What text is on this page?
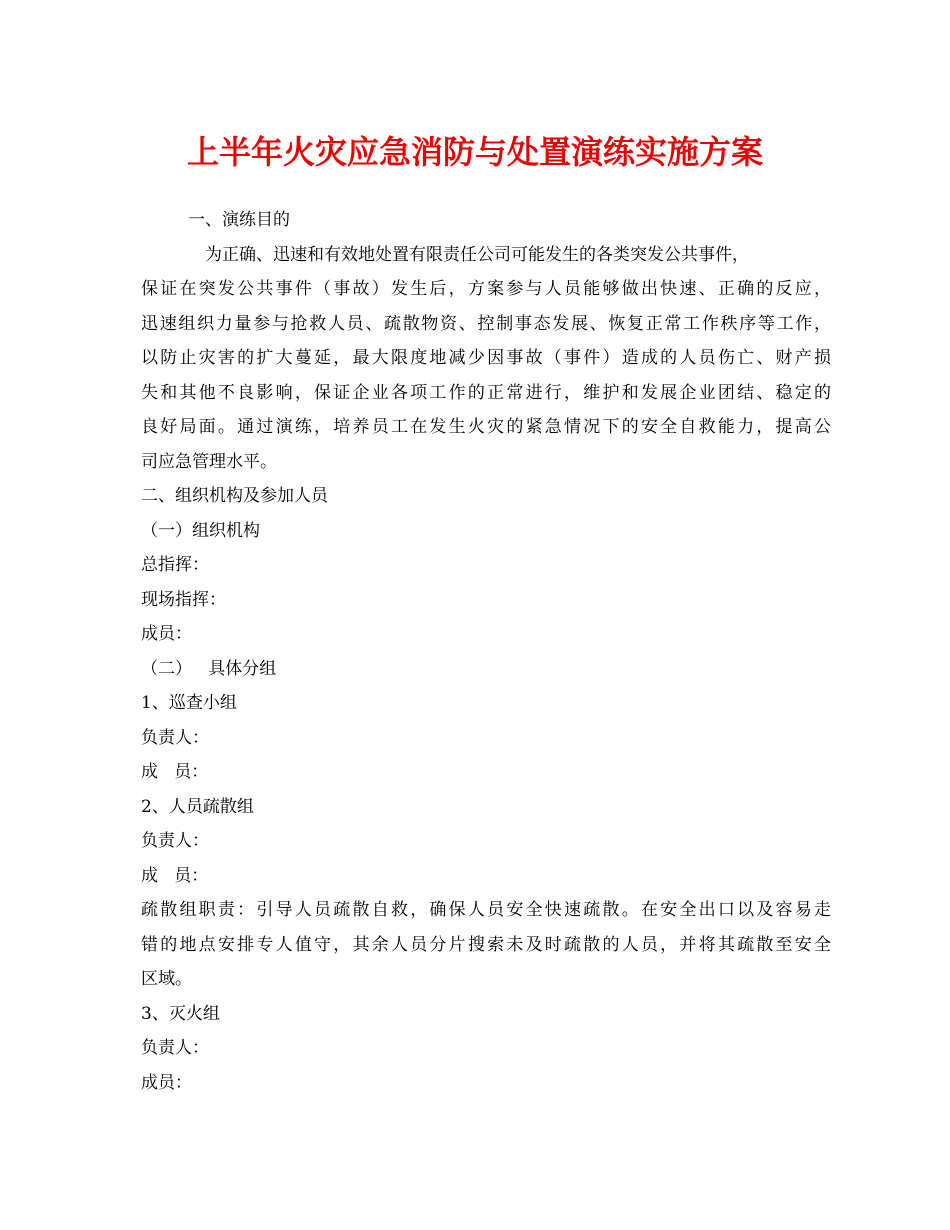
上半年火灾应急消防与处置演练实施方案
一、演练目的
为正确、迅速和有效地处置有限责任公司可能发生的各类突发公共事件，
保证在突发公共事件（事故）发生后，方案参与人员能够做出快速、正确的反应，
迅速组织力量参与抢救人员、疏散物资、控制事态发展、恢复正常工作秩序等工作，
以防止灾害的扩大蔓延，最大限度地减少因事故（事件）造成的人员伤亡、财产损
失和其他不良影响，保证企业各项工作的正常进行，维护和发展企业团结、稳定的
良好局面。通过演练，培养员工在发生火灾的紧急情况下的安全自救能力，提高公
司应急管理水平。
二、组织机构及参加人员
（一）组织机构
总指挥：
现场指挥：
成员：
（二）   具体分组
1、巡查小组
负责人：
成   员：
2、人员疏散组
负责人：
成   员：
疏散组职责：引导人员疏散自救，确保人员安全快速疏散。在安全出口以及容易走
错的地点安排专人值守，其余人员分片搜索未及时疏散的人员，并将其疏散至安全
区域。
3、灭火组
负责人：
成员：
